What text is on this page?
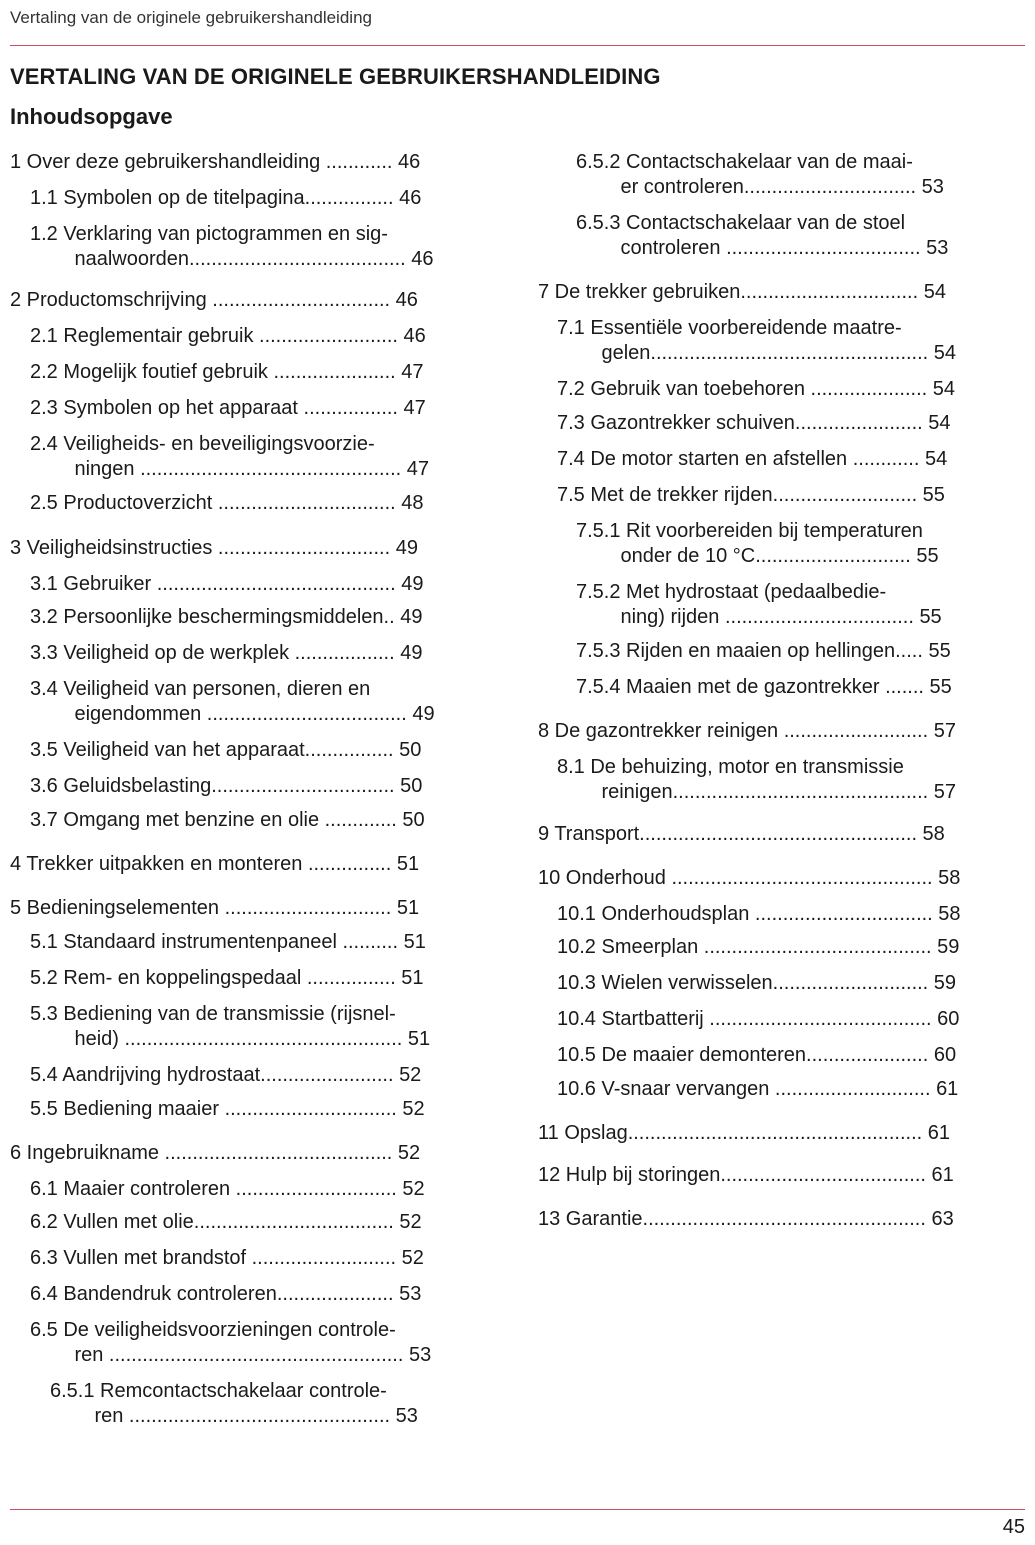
Vertaling van de originele gebruikershandleiding
VERTALING VAN DE ORIGINELE GEBRUIKERSHANDLEIDING
Inhoudsopgave
1 Over deze gebruikershandleiding ............ 46
1.1 Symbolen op de titelpagina................ 46
1.2 Verklaring van pictogrammen en sig-
naalwoorden....................................... 46
2 Productomschrijving ................................ 46
2.1 Reglementair gebruik ......................... 46
2.2 Mogelijk foutief gebruik ...................... 47
2.3 Symbolen op het apparaat ................. 47
2.4 Veiligheids- en beveiligingsvoorzie-
ningen ............................................... 47
2.5 Productoverzicht ................................ 48
3 Veiligheidsinstructies ............................... 49
3.1 Gebruiker ........................................... 49
3.2 Persoonlijke beschermingsmiddelen.. 49
3.3 Veiligheid op de werkplek .................. 49
3.4 Veiligheid van personen, dieren en
eigendommen .................................... 49
3.5 Veiligheid van het apparaat................ 50
3.6 Geluidsbelasting................................. 50
3.7 Omgang met benzine en olie ............. 50
4 Trekker uitpakken en monteren ............... 51
5 Bedieningselementen .............................. 51
5.1 Standaard instrumentenpaneel .......... 51
5.2 Rem- en koppelingspedaal ................ 51
5.3 Bediening van de transmissie (rijsnel-
heid) .................................................. 51
5.4 Aandrijving hydrostaat........................ 52
5.5 Bediening maaier ............................... 52
6 Ingebruikname ......................................... 52
6.1 Maaier controleren ............................. 52
6.2 Vullen met olie.................................... 52
6.3 Vullen met brandstof .......................... 52
6.4 Bandendruk controleren..................... 53
6.5 De veiligheidsvoorzieningen controle-
ren ..................................................... 53
6.5.1 Remcontactschakelaar controle-
ren ............................................... 53
6.5.2 Contactschakelaar van de maai-
er controleren............................... 53
6.5.3 Contactschakelaar van de stoel
controleren ................................... 53
7 De trekker gebruiken................................ 54
7.1 Essentiële voorbereidende maatre-
gelen.................................................. 54
7.2 Gebruik van toebehoren ..................... 54
7.3 Gazontrekker schuiven....................... 54
7.4 De motor starten en afstellen ............ 54
7.5 Met de trekker rijden.......................... 55
7.5.1 Rit voorbereiden bij temperaturen
onder de 10 °C............................ 55
7.5.2 Met hydrostaat (pedaalbedie-
ning) rijden .................................. 55
7.5.3 Rijden en maaien op hellingen..... 55
7.5.4 Maaien met de gazontrekker ....... 55
8 De gazontrekker reinigen .......................... 57
8.1 De behuizing, motor en transmissie
reinigen.............................................. 57
9 Transport.................................................. 58
10 Onderhoud ............................................... 58
10.1 Onderhoudsplan ................................ 58
10.2 Smeerplan ......................................... 59
10.3 Wielen verwisselen............................ 59
10.4 Startbatterij ........................................ 60
10.5 De maaier demonteren...................... 60
10.6 V-snaar vervangen ............................ 61
11 Opslag..................................................... 61
12 Hulp bij storingen..................................... 61
13 Garantie................................................... 63
45
